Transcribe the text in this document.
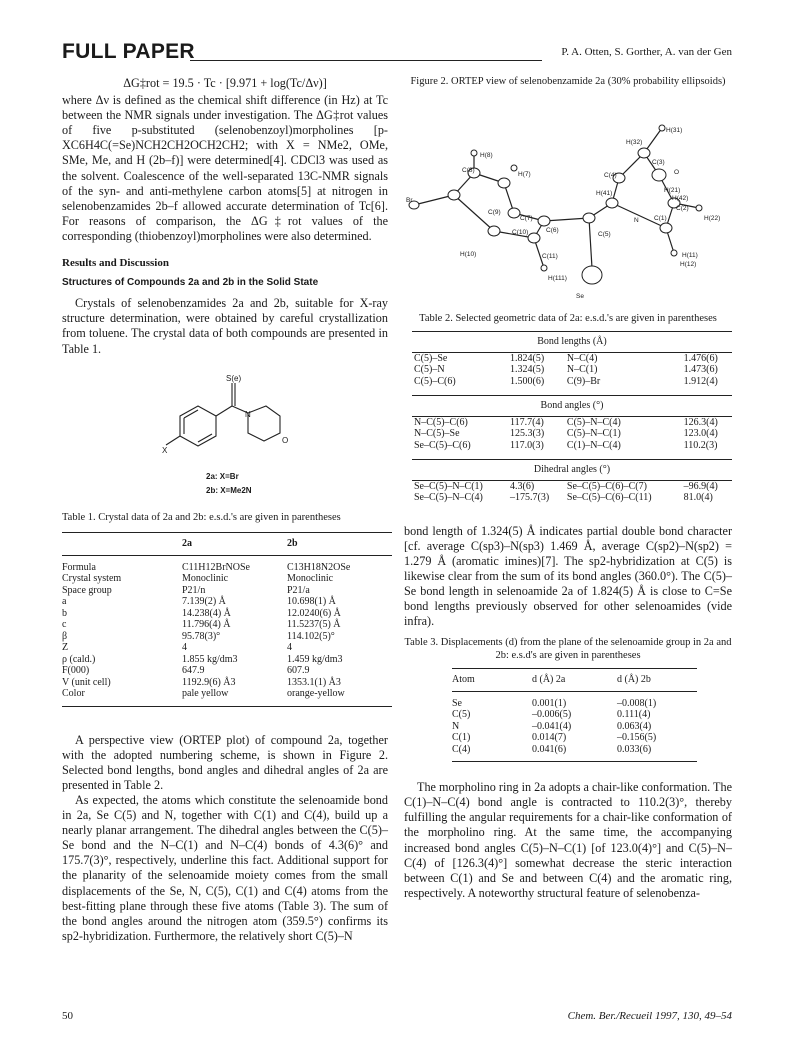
FULL PAPER	P. A. Otten, S. Gorther, A. van der Gen

ΔG‡rot = 19.5 · Tc · [9.971 + log(Tc/Δν)]

where Δν is defined as the chemical shift difference (in Hz) at Tc between the NMR signals under investigation. The ΔG‡rot values of five p-substituted (selenobenzoyl)morpholines [p-XC6H4C(=Se)NCH2CH2OCH2CH2; with X = NMe2, OMe, SMe, Me, and H (2b–f)] were determined[4]. CDCl3 was used as the solvent. Coalescence of the well-separated 13C-NMR signals of the syn- and anti-methylene carbon atoms[5] at nitrogen in selenobenzamides 2b–f allowed accurate determination of Tc[6]. For reasons of comparison, the ΔG‡rot values of the corresponding (thiobenzoyl)morpholines were also determined.

Results and Discussion
Structures of Compounds 2a and 2b in the Solid State

Crystals of selenobenzamides 2a and 2b, suitable for X-ray structure determination, were obtained by careful crystallization from toluene. The crystal data of both compounds are presented in Table 1.

S(e)
N
O
X
2a: X=Br
2b: X=Me2N

Table 1. Crystal data of 2a and 2b: e.s.d.'s are given in parentheses

	2a	2b
Formula	C11H12BrNOSe	C13H18N2OSe
Crystal system	Monoclinic	Monoclinic
Space group	P21/n	P21/a
a	7.139(2) Å	10.698(1) Å
b	14.238(4) Å	12.0240(6) Å
c	11.796(4) Å	11.5237(5) Å
β	95.78(3)°	114.102(5)°
Z	4	4
ρ (cald.)	1.855 kg/dm3	1.459 kg/dm3
F(000)	647.9	607.9
V (unit cell)	1192.9(6) Å3	1353.1(1) Å3
Color	pale yellow	orange-yellow

A perspective view (ORTEP plot) of compound 2a, together with the adopted numbering scheme, is shown in Figure 2. Selected bond lengths, bond angles and dihedral angles of 2a are presented in Table 2.

As expected, the atoms which constitute the selenoamide bond in 2a, Se C(5) and N, together with C(1) and C(4), build up a nearly planar arrangement. The dihedral angles between the C(5)–Se bond and the N–C(1) and N–C(4) bonds of 4.3(6)° and 175.7(3)°, respectively, underline this fact. Additional support for the planarity of the selenoamide moiety comes from the small displacements of the Se, N, C(5), C(1) and C(4) atoms from the best-fitting plane through these five atoms (Table 3). The sum of the bond angles around the nitrogen atom (359.5°) confirms its sp2-hybridization. Furthermore, the relatively short C(5)–N

Figure 2. ORTEP view of selenobenzamide 2a (30% probability ellipsoids)

H(31)
H(32)
C(3)
H(8)
C(8)
H(7)	C(4)	O
H(21)
H(41)
H(42)
C(2)
H(22)
Br
C(7)
C(9)
N C(1)
C(10)	C(6)
C(5)
H(10)	H(11)
H(12)
C(11)
H(111)
Se

Table 2. Selected geometric data of 2a: e.s.d.'s are given in parentheses

Bond lengths (Å)			
C(5)–Se	1.824(5)	N–C(4)	1.476(6)
C(5)–N	1.324(5)	N–C(1)	1.473(6)
C(5)–C(6)	1.500(6)	C(9)–Br	1.912(4)

Bond angles (°)			
N–C(5)–C(6)	117.7(4)	C(5)–N–C(4)	126.3(4)
N–C(5)–Se	125.3(3)	C(5)–N–C(1)	123.0(4)
Se–C(5)–C(6)	117.0(3)	C(1)–N–C(4)	110.2(3)

Dihedral angles (°)			
Se–C(5)–N–C(1)	4.3(6)	Se–C(5)–C(6)–C(7)	–96.9(4)
Se–C(5)–N–C(4)	–175.7(3)	Se–C(5)–C(6)–C(11)	81.0(4)

bond length of 1.324(5) Å indicates partial double bond character [cf. average C(sp3)–N(sp3) 1.469 Å, average C(sp2)–N(sp2) = 1.279 Å (aromatic imines)[7]. The sp2-hybridization at C(5) is likewise clear from the sum of its bond angles (360.0°). The C(5)–Se bond length in selenoamide 2a of 1.824(5) Å is close to C=Se bond lengths previously observed for other selenoamides (vide infra).

Table 3. Displacements (d) from the plane of the selenoamide group in 2a and 2b: e.s.d's are given in parentheses

Atom	d (Å) 2a	d (Å) 2b
Se	0.001(1)	–0.008(1)
C(5)	–0.006(5)	0.111(4)
N	–0.041(4)	0.063(4)
C(1)	0.014(7)	–0.156(5)
C(4)	0.041(6)	0.033(6)

The morpholino ring in 2a adopts a chair-like conformation. The C(1)–N–C(4) bond angle is contracted to 110.2(3)°, thereby fulfilling the angular requirements for a chair-like conformation of the morpholino ring. At the same time, the accompanying increased bond angles C(5)–N–C(1) [of 123.0(4)°] and C(5)–N–C(4) of [126.3(4)°] somewhat decrease the steric interaction between C(1) and Se and between C(4) and the aromatic ring, respectively. A noteworthy structural feature of selenobenza-

50	Chem. Ber./Recueil 1997, 130, 49–54
